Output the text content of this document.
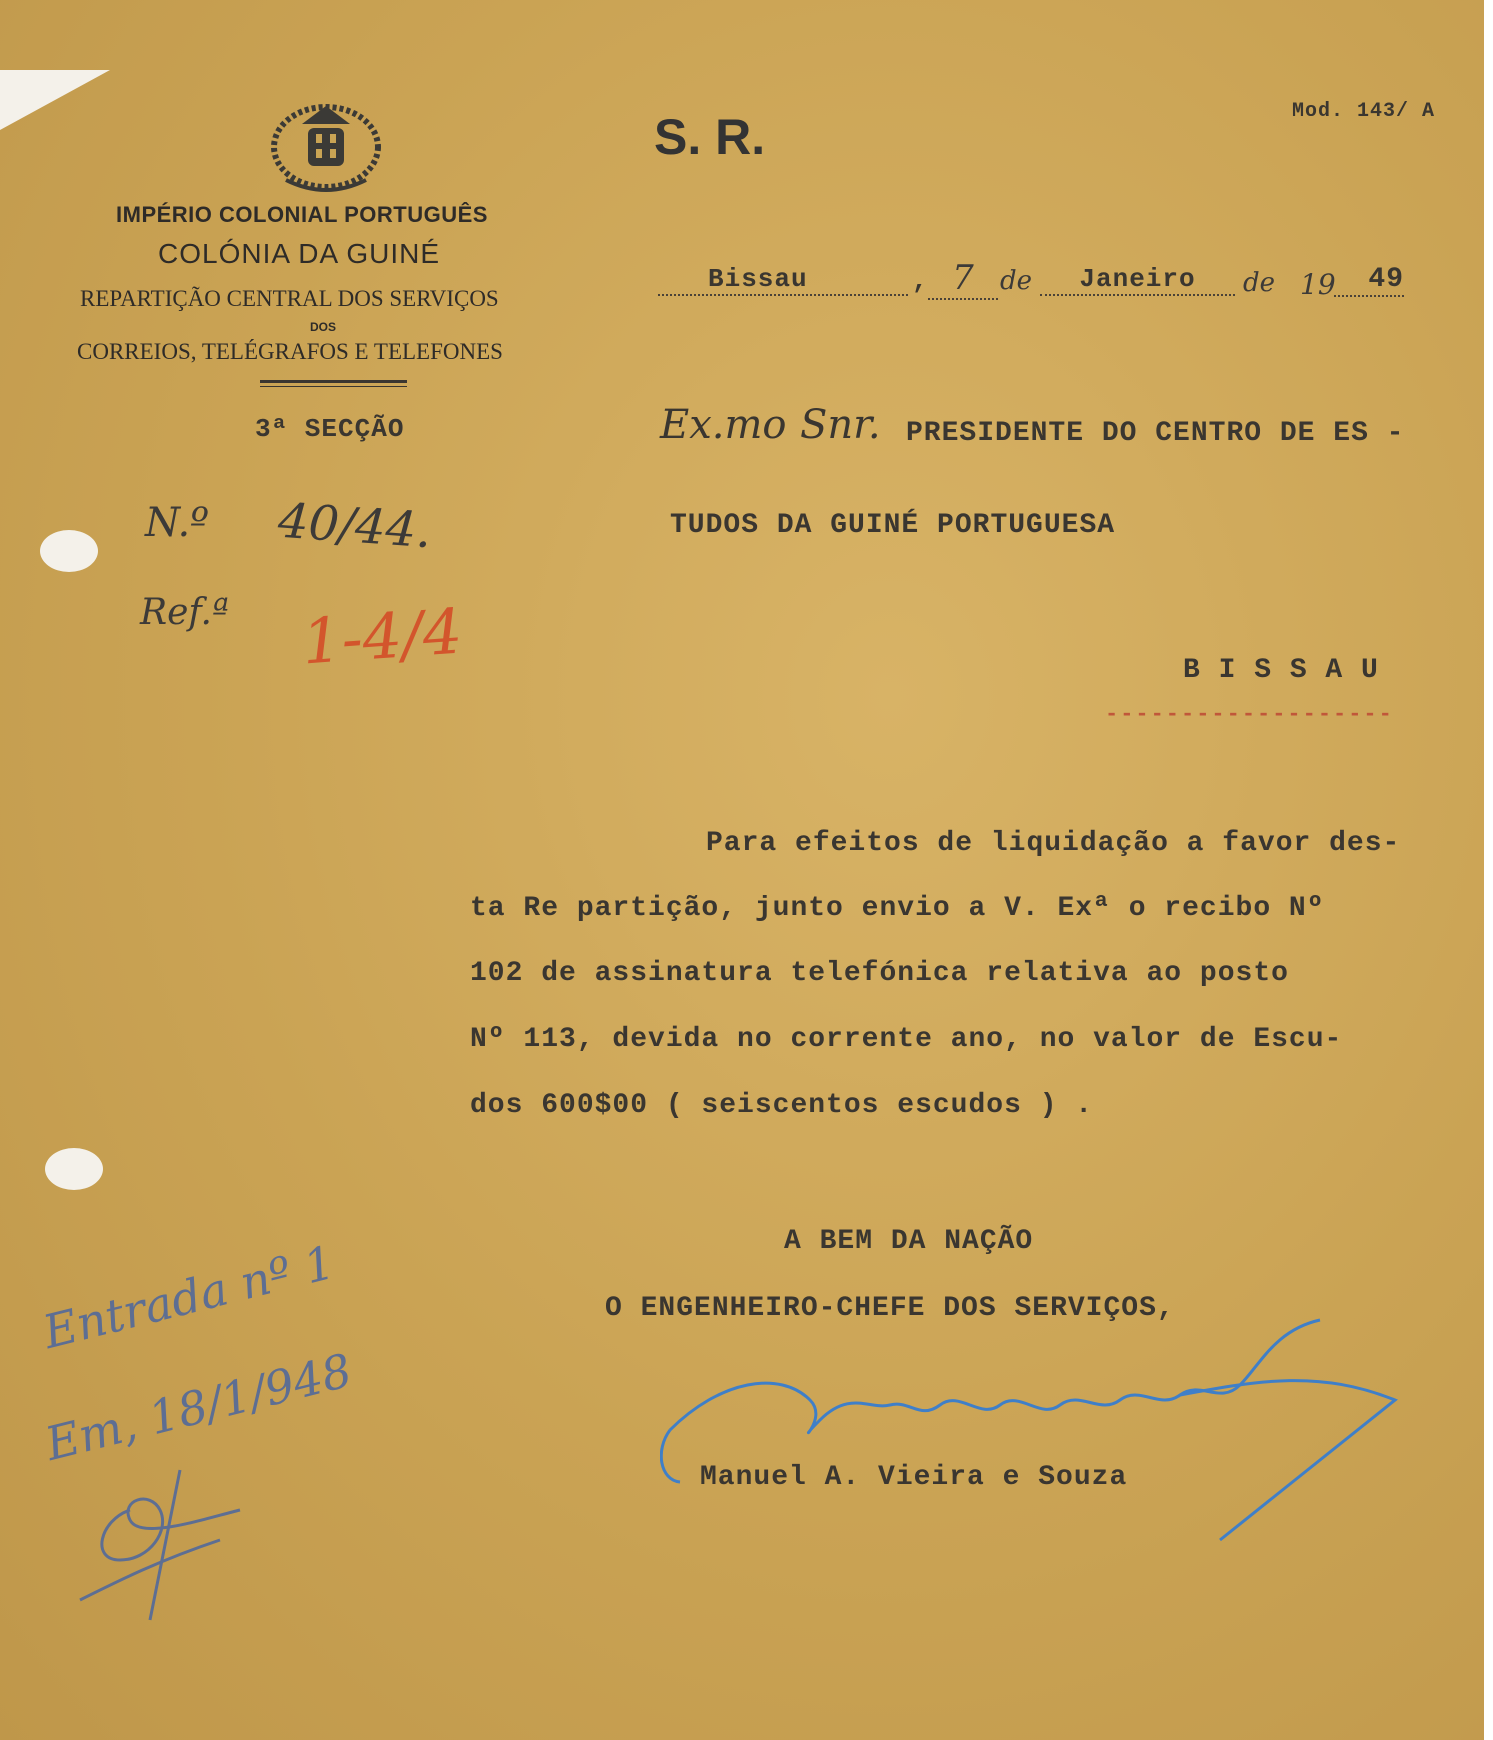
Mod. 143/ A
IMPÉRIO COLONIAL PORTUGUÊS
COLÓNIA DA GUINÉ
REPARTIÇÃO CENTRAL DOS SERVIÇOS
DOS
CORREIOS, TELÉGRAFOS E TELEFONES
3ª SECÇÃO
S. R.
Bissau	, 7	de	Janeiro	de 19	49
N.º 40/44.
Ref.ª 1-4/4
Ex.mo Snr. PRESIDENTE DO CENTRO DE ES -
TUDOS DA GUINÉ PORTUGUESA
B I S S A U
-------------------
Para efeitos de liquidação a favor des-
ta Re partição, junto envio a V. Exª o recibo Nº
102 de assinatura telefónica relativa ao posto
Nº 113, devida no corrente ano, no valor de Escu-
dos 600$00 ( seiscentos escudos ) .
A BEM DA NAÇÃO
O ENGENHEIRO-CHEFE DOS SERVIÇOS,
Manuel A. Vieira e Souza
Entrada nº 1
Em, 18/1/948
